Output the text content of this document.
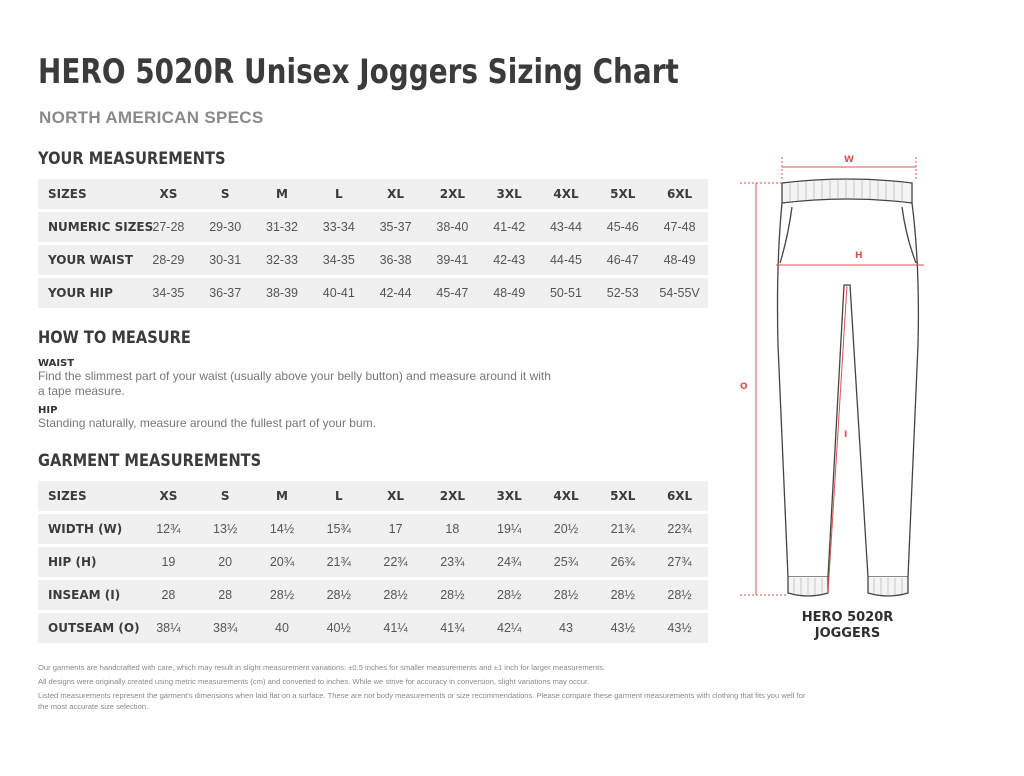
HERO 5020R Unisex Joggers Sizing Chart
NORTH AMERICAN SPECS
YOUR MEASUREMENTS
SIZES	XS	S	M	L	XL	2XL	3XL	4XL	5XL	6XL
NUMERIC SIZES	27-28	29-30	31-32	33-34	35-37	38-40	41-42	43-44	45-46	47-48
YOUR WAIST	28-29	30-31	32-33	34-35	36-38	39-41	42-43	44-45	46-47	48-49
YOUR HIP	34-35	36-37	38-39	40-41	42-44	45-47	48-49	50-51	52-53	54-55V
HOW TO MEASURE
WAIST
Find the slimmest part of your waist (usually above your belly button) and measure around it with a tape measure.
HIP
Standing naturally, measure around the fullest part of your bum.
GARMENT MEASUREMENTS
SIZES	XS	S	M	L	XL	2XL	3XL	4XL	5XL	6XL
WIDTH (W)	12¾	13½	14½	15¾	17	18	19¼	20½	21¾	22¾
HIP (H)	19	20	20¾	21¾	22¾	23¾	24¾	25¾	26¾	27¾
INSEAM (I)	28	28	28½	28½	28½	28½	28½	28½	28½	28½
OUTSEAM (O)	38¼	38¾	40	40½	41¼	41¾	42¼	43	43½	43½
Our garments are handcrafted with care, which may result in slight measurement variations: ±0.5 inches for smaller measurements and ±1 inch for larger measurements.
All designs were originally created using metric measurements (cm) and converted to inches. While we strive for accuracy in conversion, slight variations may occur.
Listed measurements represent the garment's dimensions when laid flat on a surface. These are not body measurements or size recommendations. Please compare these garment measurements with clothing that fits you well for the most accurate size selection.
W
H
O
I
HERO 5020R
JOGGERS
